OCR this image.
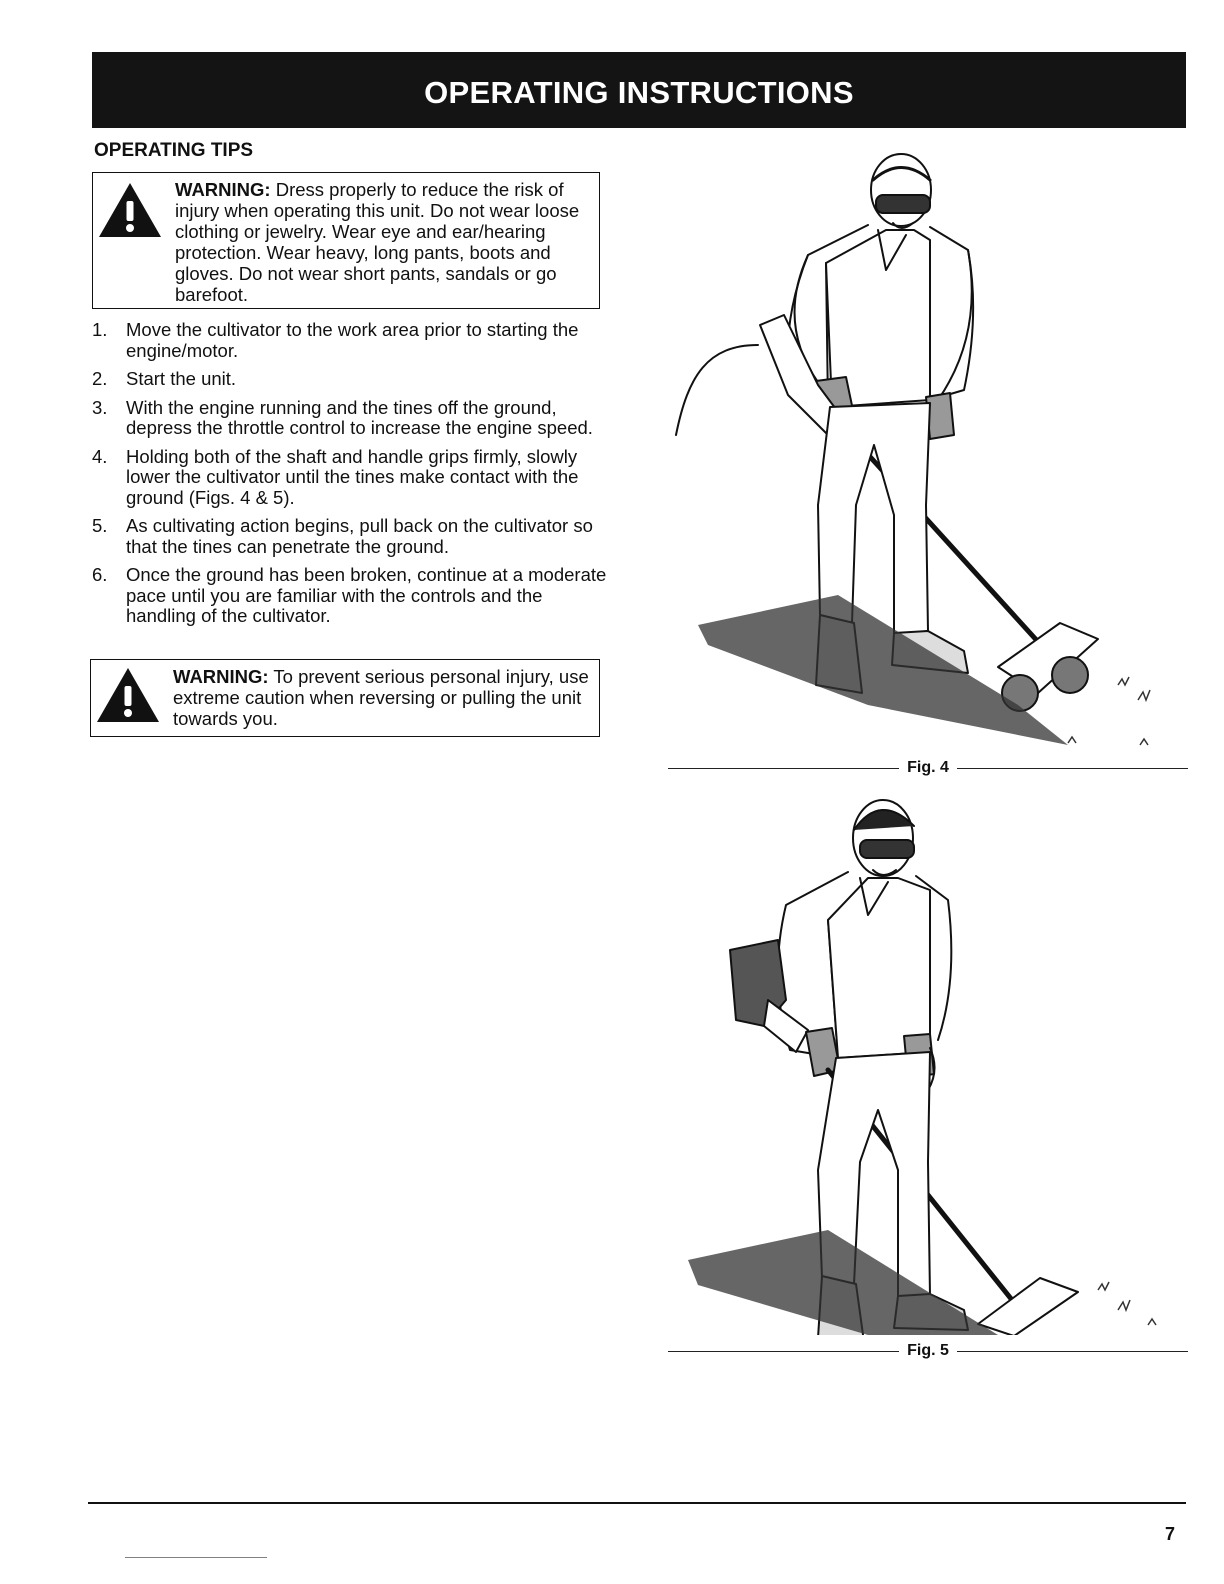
OPERATING INSTRUCTIONS
OPERATING TIPS
WARNING: Dress properly to reduce the risk of injury when operating this unit. Do not wear loose clothing or jewelry. Wear eye and ear/hearing protection. Wear heavy, long pants, boots and gloves. Do not wear short pants, sandals or go barefoot.
1. Move the cultivator to the work area prior to starting the engine/motor.
2. Start the unit.
3. With the engine running and the tines off the ground, depress the throttle control to increase the engine speed.
4. Holding both of the shaft and handle grips firmly, slowly lower the cultivator until the tines make contact with the ground (Figs. 4 & 5).
5. As cultivating action begins, pull back on the cultivator so that the tines can penetrate the ground.
6. Once the ground has been broken, continue at a moderate pace until you are familiar with the controls and the handling of the cultivator.
WARNING: To prevent serious personal injury, use extreme caution when reversing or pulling the unit towards you.
Fig. 4
Fig. 5
7
